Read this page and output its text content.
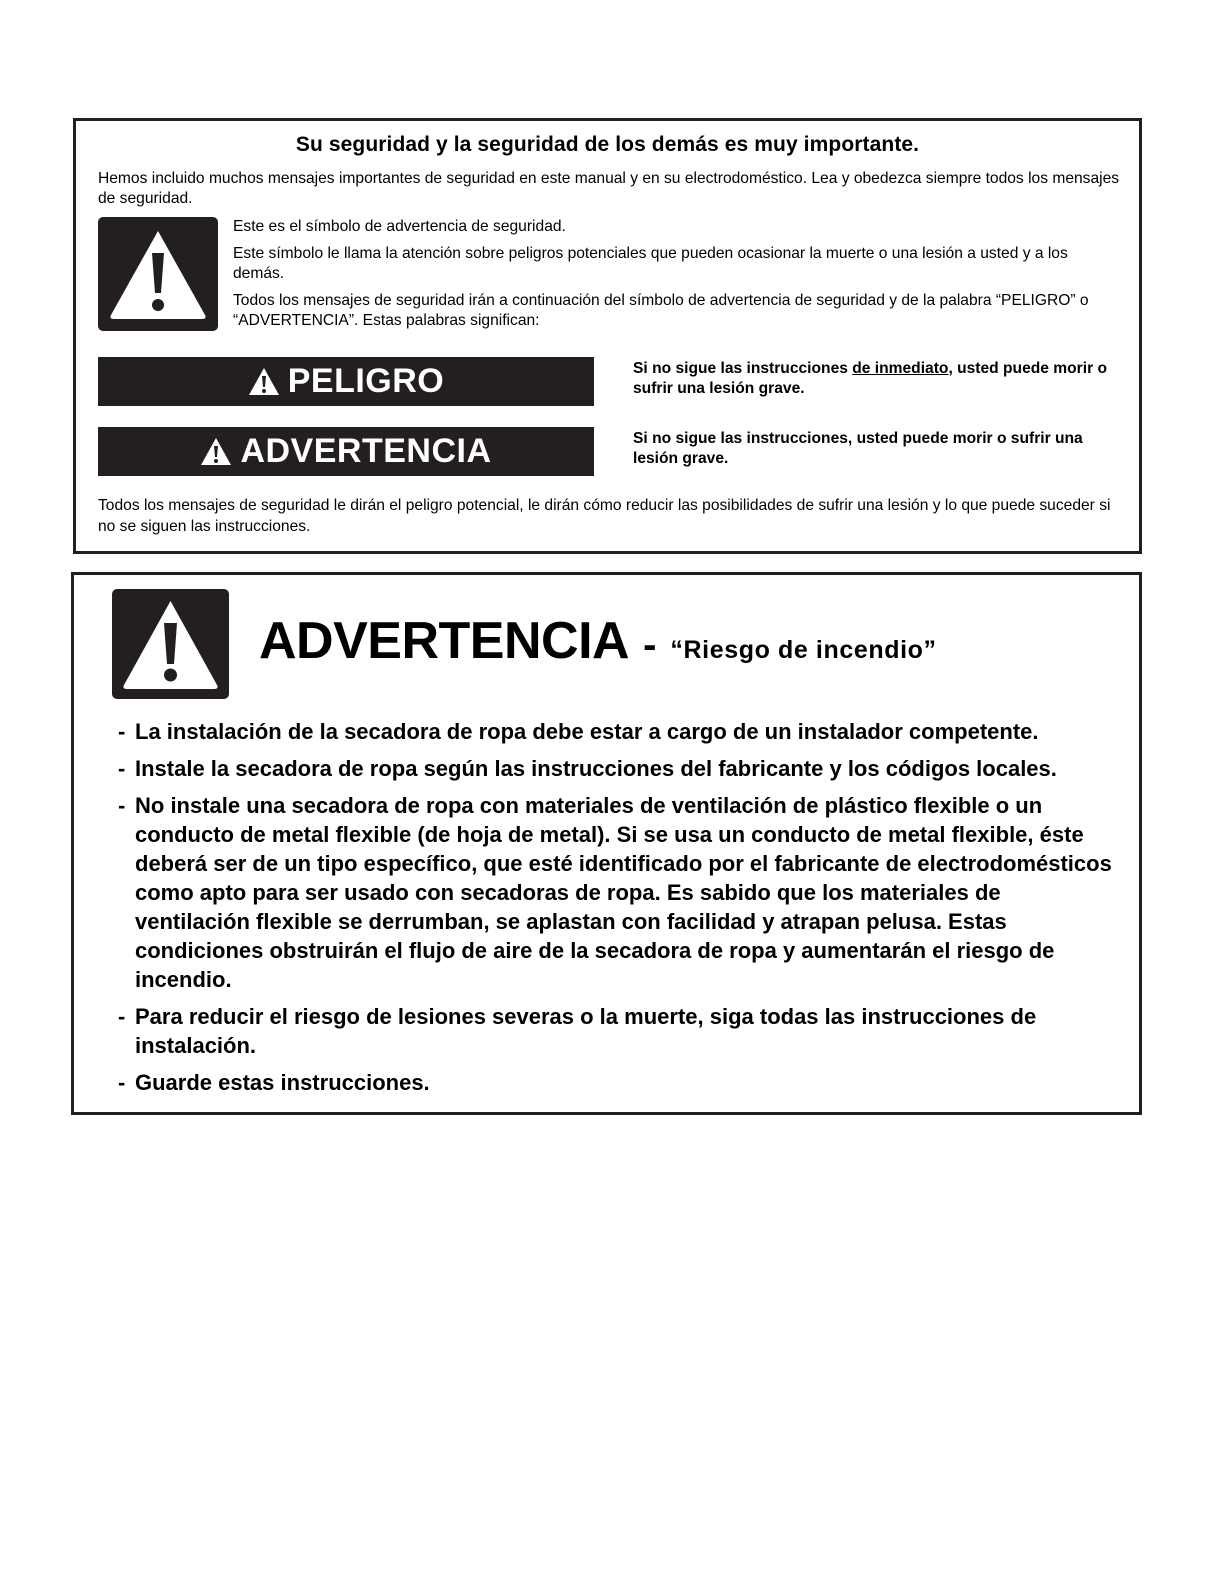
Su seguridad y la seguridad de los demás es muy importante.
Hemos incluido muchos mensajes importantes de seguridad en este manual y en su electrodoméstico. Lea y obedezca siempre todos los mensajes de seguridad.

Este es el símbolo de advertencia de seguridad.

Este símbolo le llama la atención sobre peligros potenciales que pueden ocasionar la muerte o una lesión a usted y a los demás.

Todos los mensajes de seguridad irán a continuación del símbolo de advertencia de seguridad y de la palabra “PELIGRO” o “ADVERTENCIA”. Estas palabras significan:

PELIGRO	Si no sigue las instrucciones de inmediato, usted puede morir o sufrir una lesión grave.
ADVERTENCIA	Si no sigue las instrucciones, usted puede morir o sufrir una lesión grave.
Todos los mensajes de seguridad le dirán el peligro potencial, le dirán cómo reducir las posibilidades de sufrir una lesión y lo que puede suceder si no se siguen las instrucciones.
ADVERTENCIA - “Riesgo de incendio”
- La instalación de la secadora de ropa debe estar a cargo de un instalador competente.
- Instale la secadora de ropa según las instrucciones del fabricante y los códigos locales.
- No instale una secadora de ropa con materiales de ventilación de plástico flexible o un conducto de metal flexible (de hoja de metal). Si se usa un conducto de metal flexible, éste deberá ser de un tipo específico, que esté identificado por el fabricante de electrodomésticos como apto para ser usado con secadoras de ropa. Es sabido que los materiales de ventilación flexible se derrumban, se aplastan con facilidad y atrapan pelusa. Estas condiciones obstruirán el flujo de aire de la secadora de ropa y aumentarán el riesgo de incendio.
- Para reducir el riesgo de lesiones severas o la muerte, siga todas las instrucciones de instalación.
- Guarde estas instrucciones.
